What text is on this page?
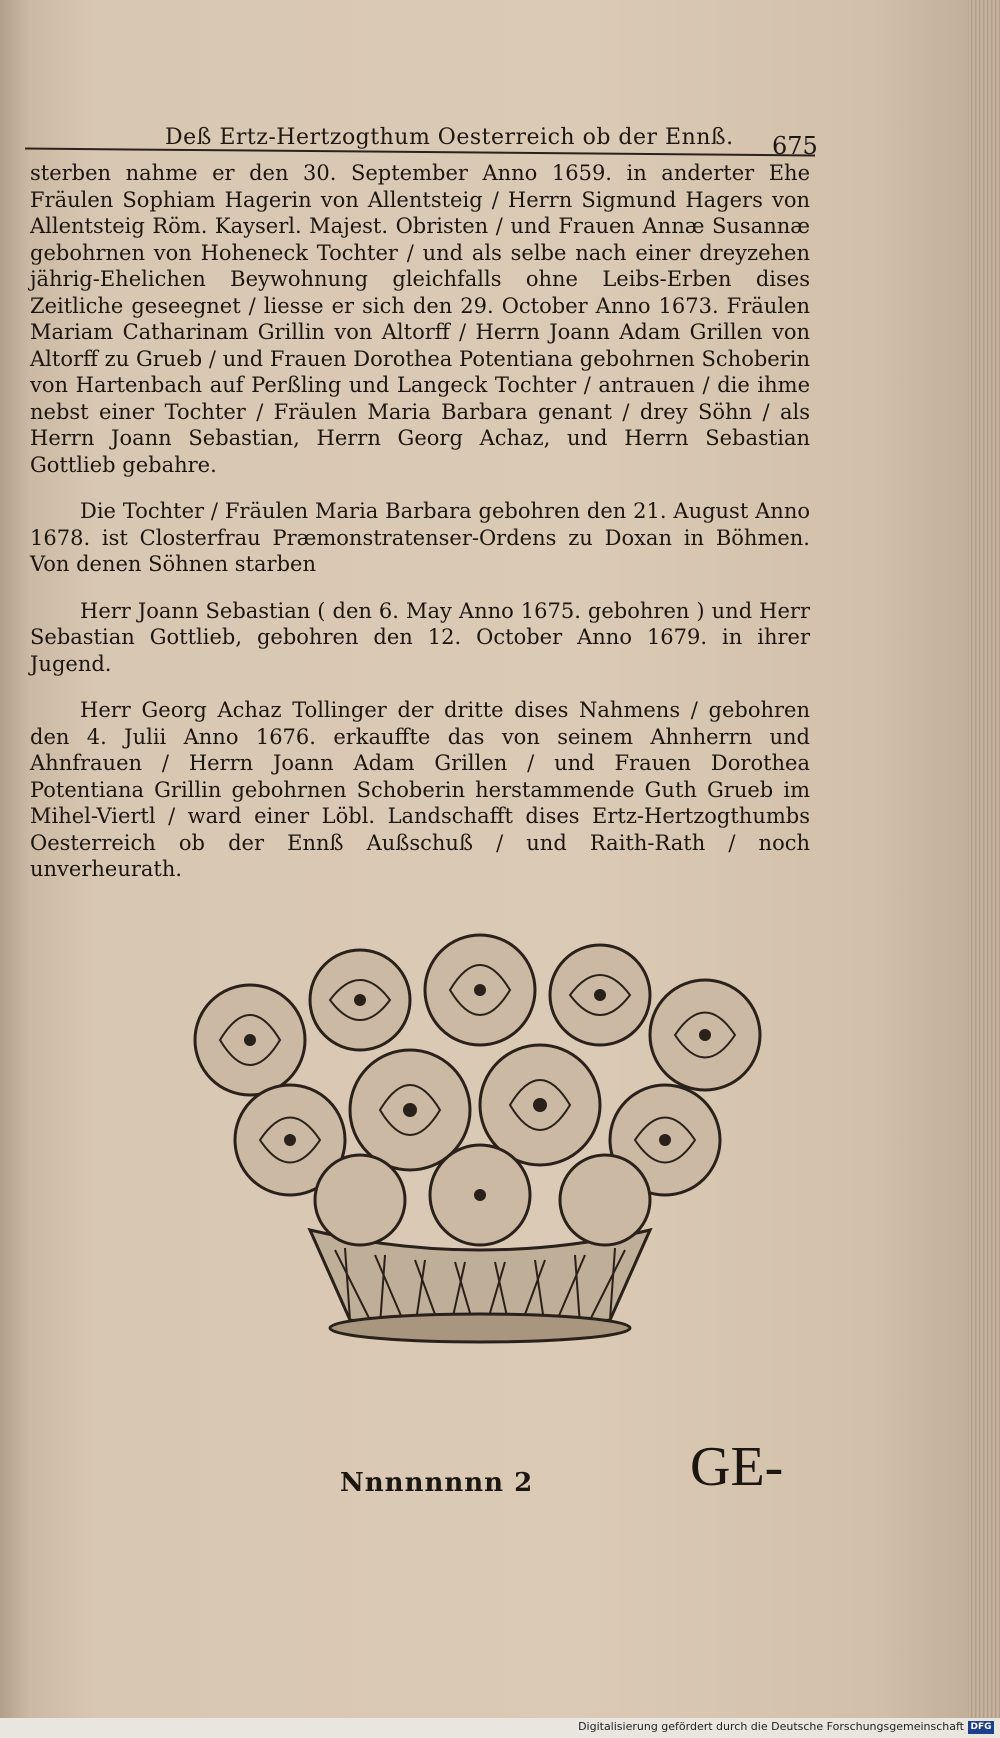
Deß Ertz-Hertzogthum Oesterreich ob der Ennß. 675

sterben nahme er den 30. September Anno 1659. in anderter Ehe Fräulen Sophiam Hagerin von Allentsteig / Herrn Sigmund Hagers von Allentsteig Röm. Kayserl. Majest. Obristen / und Frauen Annæ Susannæ gebohrnen von Hoheneck Tochter / und als selbe nach einer dreyzehen jährig-Ehelichen Beywohnung gleichfalls ohne Leibs-Erben dises Zeitliche geseegnet / liesse er sich den 29. October Anno 1673. Fräulen Mariam Catharinam Grillin von Altorff / Herrn Joann Adam Grillen von Altorff zu Grueb / und Frauen Dorothea Potentiana gebohrnen Schoberin von Hartenbach auf Perßling und Langeck Tochter / antrauen / die ihme nebst einer Tochter / Fräulen Maria Barbara genant / drey Söhn / als Herrn Joann Sebastian, Herrn Georg Achaz, und Herrn Sebastian Gottlieb gebahre.

Die Tochter / Fräulen Maria Barbara gebohren den 21. August Anno 1678. ist Closterfrau Præmonstratenser-Ordens zu Doxan in Böhmen. Von denen Söhnen starben

Herr Joann Sebastian ( den 6. May Anno 1675. gebohren ) und Herr Sebastian Gottlieb, gebohren den 12. October Anno 1679. in ihrer Jugend.

Herr Georg Achaz Tollinger der dritte dises Nahmens / gebohren den 4. Julii Anno 1676. erkauffte das von seinem Ahnherrn und Ahnfrauen / Herrn Joann Adam Grillen / und Frauen Dorothea Potentiana Grillin gebohrnen Schoberin herstammende Guth Grueb im Mihel-Viertl / ward einer Löbl. Landschafft dises Ertz-Hertzogthumbs Oesterreich ob der Ennß Außschuß / und Raith-Rath / noch unverheurath.

Nnnnnnnn 2	GE-
Digitalisierung gefördert durch die Deutsche Forschungsgemeinschaft DFG
